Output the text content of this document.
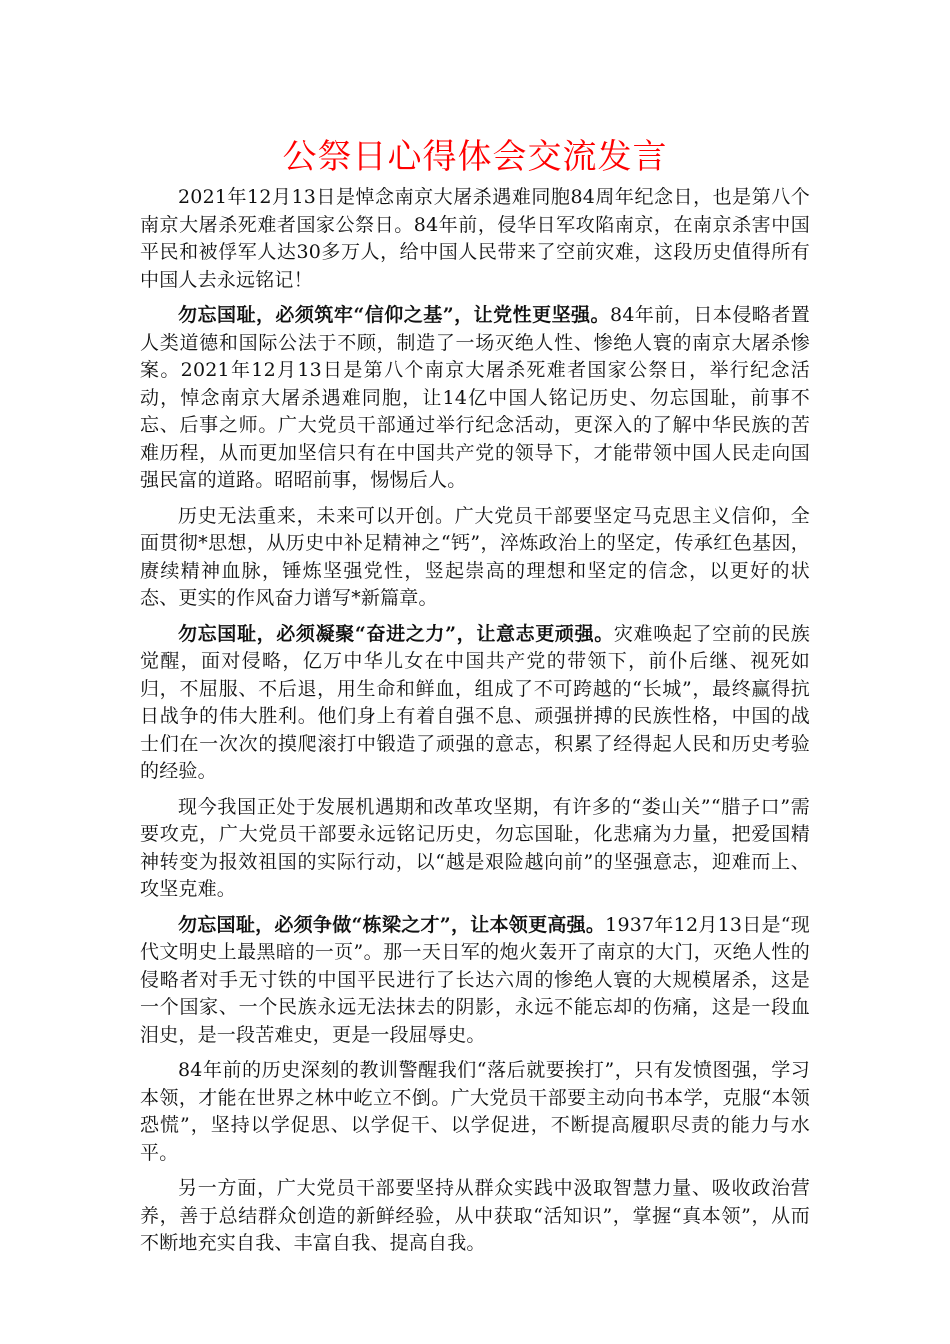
公祭日心得体会交流发言

2021年12月13日是悼念南京大屠杀遇难同胞84周年纪念日，也是第八个南京大屠杀死难者国家公祭日。84年前，侵华日军攻陷南京，在南京杀害中国平民和被俘军人达30多万人，给中国人民带来了空前灾难，这段历史值得所有中国人去永远铭记！

勿忘国耻，必须筑牢“信仰之基”，让党性更坚强。84年前，日本侵略者置人类道德和国际公法于不顾，制造了一场灭绝人性、惨绝人寰的南京大屠杀惨案。2021年12月13日是第八个南京大屠杀死难者国家公祭日，举行纪念活动，悼念南京大屠杀遇难同胞，让14亿中国人铭记历史、勿忘国耻，前事不忘、后事之师。广大党员干部通过举行纪念活动，更深入的了解中华民族的苦难历程，从而更加坚信只有在中国共产党的领导下，才能带领中国人民走向国强民富的道路。昭昭前事，惕惕后人。

历史无法重来，未来可以开创。广大党员干部要坚定马克思主义信仰，全面贯彻*思想，从历史中补足精神之“钙”，淬炼政治上的坚定，传承红色基因，赓续精神血脉，锤炼坚强党性，竖起崇高的理想和坚定的信念，以更好的状态、更实的作风奋力谱写*新篇章。

勿忘国耻，必须凝聚“奋进之力”，让意志更顽强。灾难唤起了空前的民族觉醒，面对侵略，亿万中华儿女在中国共产党的带领下，前仆后继、视死如归，不屈服、不后退，用生命和鲜血，组成了不可跨越的“长城”，最终赢得抗日战争的伟大胜利。他们身上有着自强不息、顽强拼搏的民族性格，中国的战士们在一次次的摸爬滚打中锻造了顽强的意志，积累了经得起人民和历史考验的经验。

现今我国正处于发展机遇期和改革攻坚期，有许多的“娄山关”“腊子口”需要攻克，广大党员干部要永远铭记历史，勿忘国耻，化悲痛为力量，把爱国精神转变为报效祖国的实际行动，以“越是艰险越向前”的坚强意志，迎难而上、攻坚克难。

勿忘国耻，必须争做“栋梁之才”，让本领更高强。1937年12月13日是“现代文明史上最黑暗的一页”。那一天日军的炮火轰开了南京的大门，灭绝人性的侵略者对手无寸铁的中国平民进行了长达六周的惨绝人寰的大规模屠杀，这是一个国家、一个民族永远无法抹去的阴影，永远不能忘却的伤痛，这是一段血泪史，是一段苦难史，更是一段屈辱史。

84年前的历史深刻的教训警醒我们“落后就要挨打”，只有发愤图强，学习本领，才能在世界之林中屹立不倒。广大党员干部要主动向书本学，克服“本领恐慌”，坚持以学促思、以学促干、以学促进，不断提高履职尽责的能力与水平。

另一方面，广大党员干部要坚持从群众实践中汲取智慧力量、吸收政治营养，善于总结群众创造的新鲜经验，从中获取“活知识”，掌握“真本领”，从而不断地充实自我、丰富自我、提高自我。
